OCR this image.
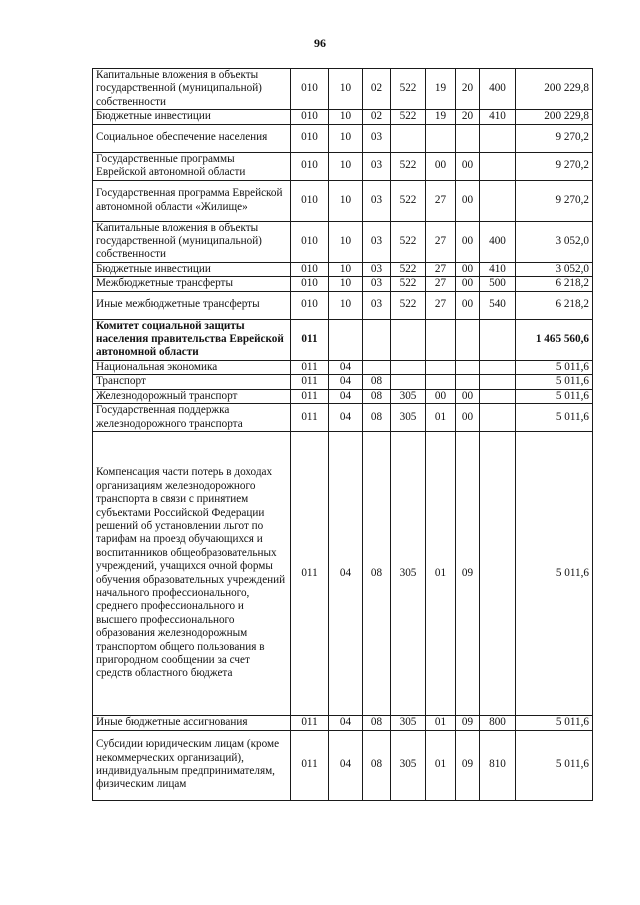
96
Капитальные вложения в объекты государственной (муниципальной) собственности	010	10	02	522	19	20	400	200 229,8
Бюджетные инвестиции	010	10	02	522	19	20	410	200 229,8
Социальное обеспечение населения	010	10	03					9 270,2
Государственные программы Еврейской автономной области	010	10	03	522	00	00		9 270,2
Государственная программа Еврейской автономной области «Жилище»	010	10	03	522	27	00		9 270,2
Капитальные вложения в объекты государственной (муниципальной) собственности	010	10	03	522	27	00	400	3 052,0
Бюджетные инвестиции	010	10	03	522	27	00	410	3 052,0
Межбюджетные трансферты	010	10	03	522	27	00	500	6 218,2
Иные межбюджетные трансферты	010	10	03	522	27	00	540	6 218,2
Комитет социальной защиты населения правительства Еврейской автономной области	011							1 465 560,6
Национальная экономика	011	04						5 011,6
Транспорт	011	04	08					5 011,6
Железнодорожный транспорт	011	04	08	305	00	00		5 011,6
Государственная поддержка железнодорожного транспорта	011	04	08	305	01	00		5 011,6
Компенсация части потерь в доходах организациям железнодорожного транспорта в связи с принятием субъектами Российской Федерации решений об установлении льгот по тарифам на проезд обучающихся и воспитанников общеобразовательных учреждений, учащихся очной формы обучения образовательных учреждений начального профессионального, среднего профессионального и высшего профессионального образования железнодорожным транспортом общего пользования в пригородном сообщении за счет средств областного бюджета	011	04	08	305	01	09		5 011,6
Иные бюджетные ассигнования	011	04	08	305	01	09	800	5 011,6
Субсидии юридическим лицам (кроме некоммерческих организаций), индивидуальным предпринимателям, физическим лицам	011	04	08	305	01	09	810	5 011,6
